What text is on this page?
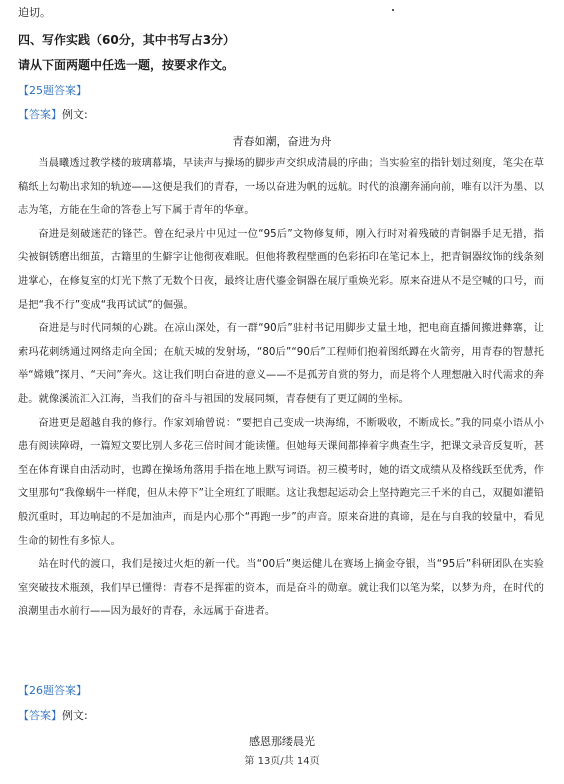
迫切。
四、写作实践（60分，其中书写占3分）
请从下面两题中任选一题，按要求作文。
【25题答案】
【答案】例文:
青春如潮，奋进为舟

当晨曦透过教学楼的玻璃幕墙，早读声与操场的脚步声交织成清晨的序曲；当实验室的指针划过刻度，笔尖在草稿纸上勾勒出求知的轨迹——这便是我们的青春，一场以奋进为帆的远航。时代的浪潮奔涌向前，唯有以汗为墨、以志为笔，方能在生命的答卷上写下属于青年的华章。

奋进是刻破迷茫的锋芒。曾在纪录片中见过一位“95后”文物修复师，刚入行时对着残破的青铜器手足无措，指尖被铜锈磨出细茧，古籍里的生僻字让他彻夜难眠。但他将教程壁画的色彩拓印在笔记本上，把青铜器纹饰的线条刻进掌心，在修复室的灯光下熬了无数个日夜，最终让唐代鎏金铜器在展厅重焕光彩。原来奋进从不是空喊的口号，而是把“我不行”变成“我再试试”的倔强。

奋进是与时代同频的心跳。在凉山深处，有一群“90后”驻村书记用脚步丈量土地，把电商直播间搬进彝寨，让索玛花刺绣通过网络走向全国；在航天城的发射场，“80后”“90后”工程师们抱着图纸蹲在火箭旁，用青春的智慧托举“嫦娥”探月、“天问”奔火。这让我们明白奋进的意义——不是孤芳自赏的努力，而是将个人理想融入时代需求的奔赴。就像溪流汇入江海，当我们的奋斗与祖国的发展同频，青春便有了更辽阔的坐标。

奋进更是超越自我的修行。作家刘瑜曾说：“要把自己变成一块海绵，不断吸收，不断成长。”我的同桌小语从小患有阅读障碍，一篇短文要比别人多花三倍时间才能读懂。但她每天课间都捧着字典查生字，把课文录音反复听，甚至在体育课自由活动时，也蹲在操场角落用手指在地上默写词语。初三模考时，她的语文成绩从及格线跃至优秀，作文里那句“我像蜗牛一样爬，但从未停下”让全班红了眼眶。这让我想起运动会上坚持跑完三千米的自己，双腿如灌铅般沉重时，耳边响起的不是加油声，而是内心那个“再跑一步”的声音。原来奋进的真谛，是在与自我的较量中，看见生命的韧性有多惊人。

站在时代的渡口，我们是接过火炬的新一代。当“00后”奥运健儿在赛场上摘金夺银，当“95后”科研团队在实验室突破技术瓶颈，我们早已懂得：青春不是挥霍的资本，而是奋斗的勋章。就让我们以笔为桨，以梦为舟，在时代的浪潮里击水前行——因为最好的青春，永远属于奋进者。

【26题答案】
【答案】例文:
感恩那缕晨光
第 13页/共 14页
